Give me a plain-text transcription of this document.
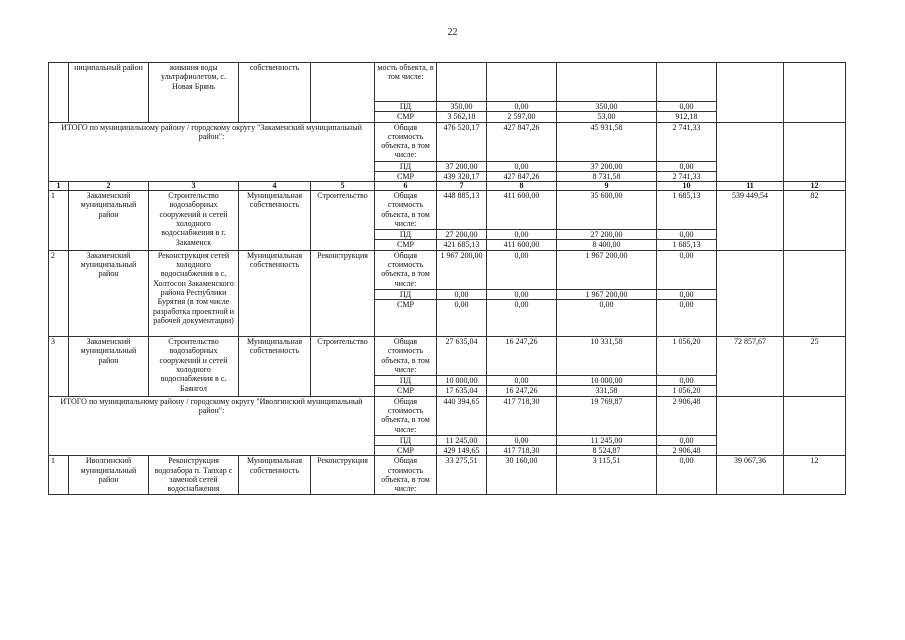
22
	ниципальный район	живания воды ультрафиолетом, с. Новая Брянь	собственность		мость объекта, в том числе:						
					ПД	350,00	0,00	350,00	0,00		
					СМР	3 562,18	2 597,00	53,00	912,18		
ИТОГО по муниципальному району / городскому округу "Закаменский муниципальный район":					Общая стоимость объекта, в том числе:	476 520,17	427 847,26	45 931,58	2 741,33		
					ПД	37 200,00	0,00	37 200,00	0,00		
					СМР	439 320,17	427 847,26	8 731,58	2 741,33		
1	2	3	4	5	6	7	8	9	10	11	12
1	Закаменский муниципальный район	Строительство водозаборных сооружений и сетей холодного водоснабжения в г. Закаменск	Муниципальная собственность	Строительство	Общая стоимость объекта, в том числе:	448 885,13	411 600,00	35 600,00	1 685,13	539 449,54	82
					ПД	27 200,00	0,00	27 200,00	0,00		
					СМР	421 685,13	411 600,00	8 400,00	1 685,13		
2	Закаменский муниципальный район	Реконструкция сетей холодного водоснабжения в с. Холтосон Закаменского района Республики Бурятия (в том числе разработка проектной и рабочей документации)	Муниципальная собственность	Реконструкция	Общая стоимость объекта, в том числе:	1 967 200,00	0,00	1 967 200,00	0,00		
					ПД	0,00	0,00	1 967 200,00	0,00		
					СМР	0,00	0,00	0,00	0,00		
3	Закаменский муниципальный район	Строительство водозаборных сооружений и сетей холодного водоснабжения в с. Баянгол	Муниципальная собственность	Строительство	Общая стоимость объекта, в том числе:	27 635,04	16 247,26	10 331,58	1 056,20	72 857,67	25
					ПД	10 000,00	0,00	10 000,00	0,00		
					СМР	17 635,04	16 247,26	331,58	1 056,20		
ИТОГО по муниципальному району / городскому округу "Иволгинский муниципальный район":					Общая стоимость объекта, в том числе:	440 394,65	417 718,30	19 769,87	2 906,48		
					ПД	11 245,00	0,00	11 245,00	0,00		
					СМР	429 149,65	417 718,30	8 524,87	2 906,48		
1	Иволгинский муниципальный район	Реконструкция водозабора п. Тапхар с заменой сетей водоснабжения	Муниципальная собственность	Реконструкция	Общая стоимость объекта, в том числе:	33 275,51	30 160,00	3 115,51	0,00	39 067,36	12
